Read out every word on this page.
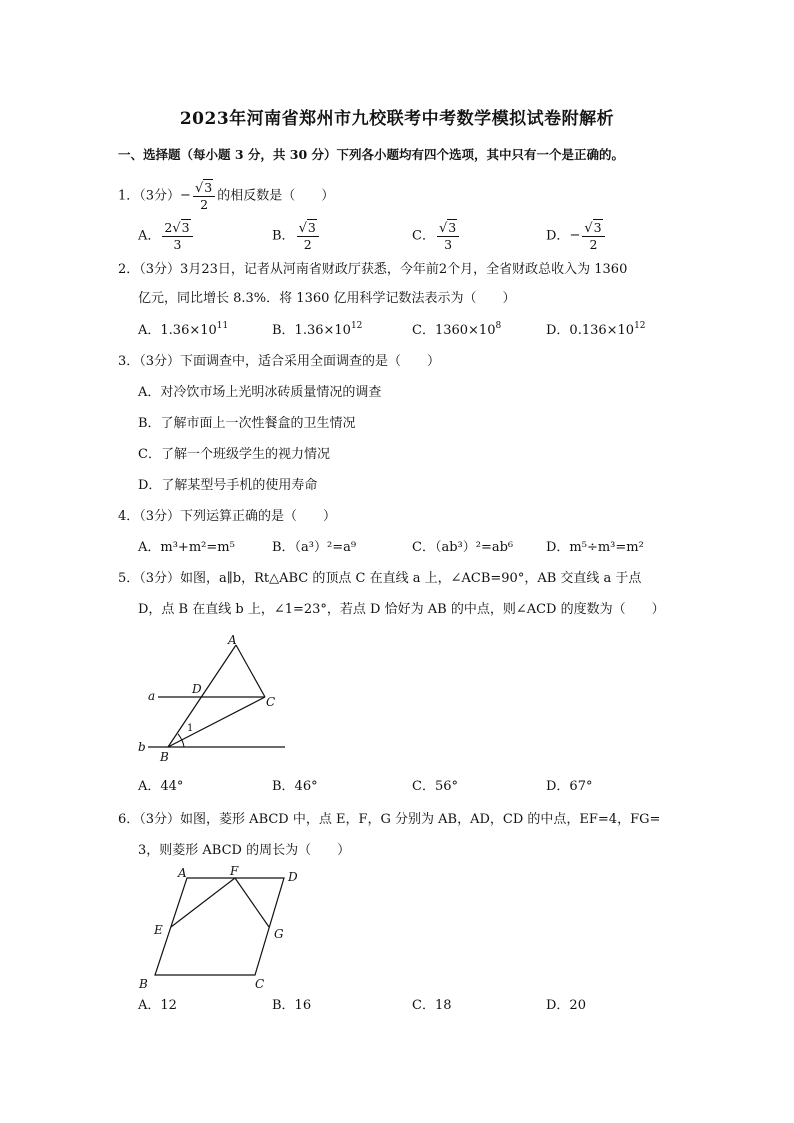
2023年河南省郑州市九校联考中考数学模拟试卷附解析
一、选择题（每小题 3 分，共 30 分）下列各小题均有四个选项，其中只有一个是正确的。
1．（3分）− $\frac{√3}{2}$ 的相反数是（　　）
A． $\frac{2√3}{3}$	B． $\frac{√3}{2}$	C． $\frac{√3}{3}$	D．− $\frac{√3}{2}$
2．（3分）3月23日，记者从河南省财政厅获悉，今年前2个月，全省财政总收入为 1360
亿元，同比增长 8.3%．将 1360 亿用科学记数法表示为（　　）
A．$1.36\times 10^{11}$	B．$1.36\times 10^{12}$	C．$1360\times 10^8$	D．$0.136\times 10^{12}$
3．（3分）下面调查中，适合采用全面调查的是（　　）
A．对冷饮市场上光明冰砖质量情况的调查
B．了解市面上一次性餐盒的卫生情况
C．了解一个班级学生的视力情况
D．了解某型号手机的使用寿命
4．（3分）下列运算正确的是（　　）
A．m³+m²=m⁵	B．（a³）²=a⁹	C．（ab³）²=ab⁶	D．m⁵÷m³=m²
5．（3分）如图，a∥b，Rt△ABC 的顶点 C 在直线 a 上，∠ACB=90°，AB 交直线 a 于点
D，点 B 在直线 b 上，∠1=23°，若点 D 恰好为 AB 的中点，则∠ACD 的度数为（　　）
A
a	D
C
1
b
B
A．44°	B．46°	C．56°	D．67°
6．（3分）如图，菱形 ABCD 中，点 E，F，G 分别为 AB，AD，CD 的中点，EF=4，FG=
3，则菱形 ABCD 的周长为（　　）
A	F	D
E	G
B	C
A．12	B．16	C．18	D．20
